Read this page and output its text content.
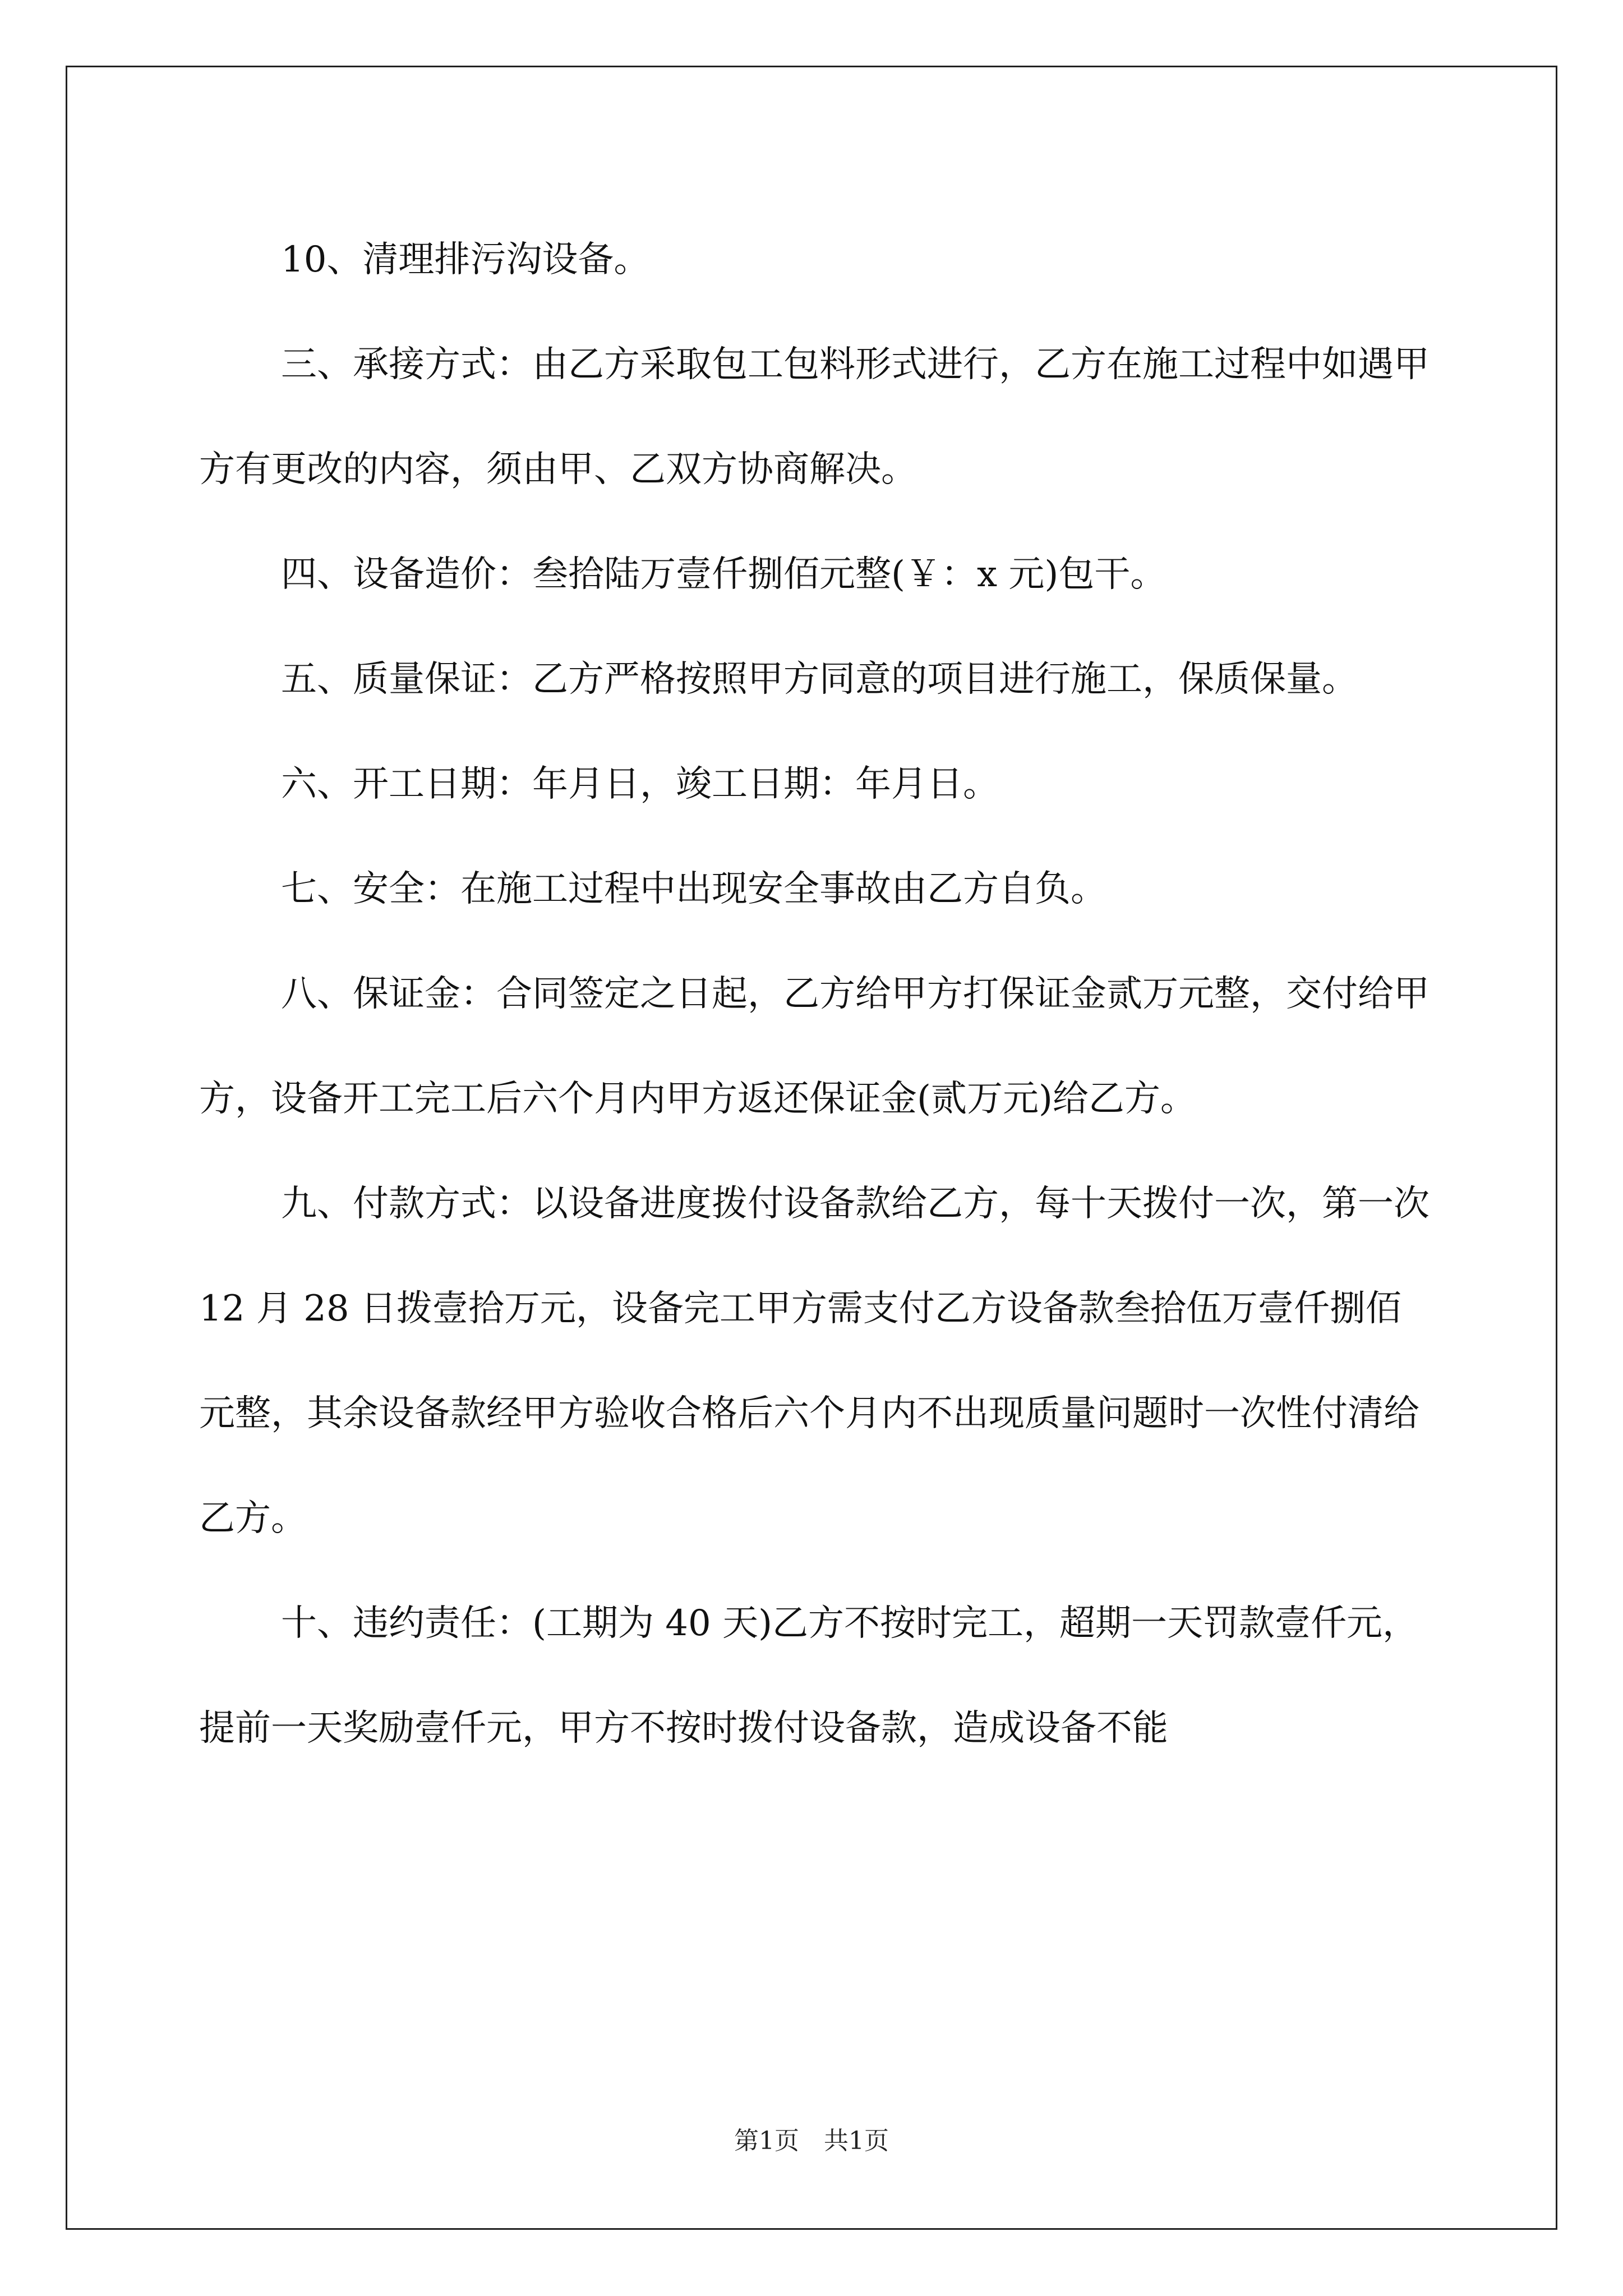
10、清理排污沟设备。

三、承接方式：由乙方采取包工包料形式进行，乙方在施工过程中如遇甲方有更改的内容，须由甲、乙双方协商解决。

四、设备造价：叁拾陆万壹仟捌佰元整(￥：x 元)包干。

五、质量保证：乙方严格按照甲方同意的项目进行施工，保质保量。

六、开工日期：年月日，竣工日期：年月日。

七、安全：在施工过程中出现安全事故由乙方自负。

八、保证金：合同签定之日起，乙方给甲方打保证金贰万元整，交付给甲方，设备开工完工后六个月内甲方返还保证金(贰万元)给乙方。

九、付款方式：以设备进度拨付设备款给乙方，每十天拨付一次，第一次 12 月 28 日拨壹拾万元，设备完工甲方需支付乙方设备款叁拾伍万壹仟捌佰元整，其余设备款经甲方验收合格后六个月内不出现质量问题时一次性付清给乙方。

十、违约责任：(工期为 40 天)乙方不按时完工，超期一天罚款壹仟元，提前一天奖励壹仟元，甲方不按时拨付设备款，造成设备不能

第1页　共1页
